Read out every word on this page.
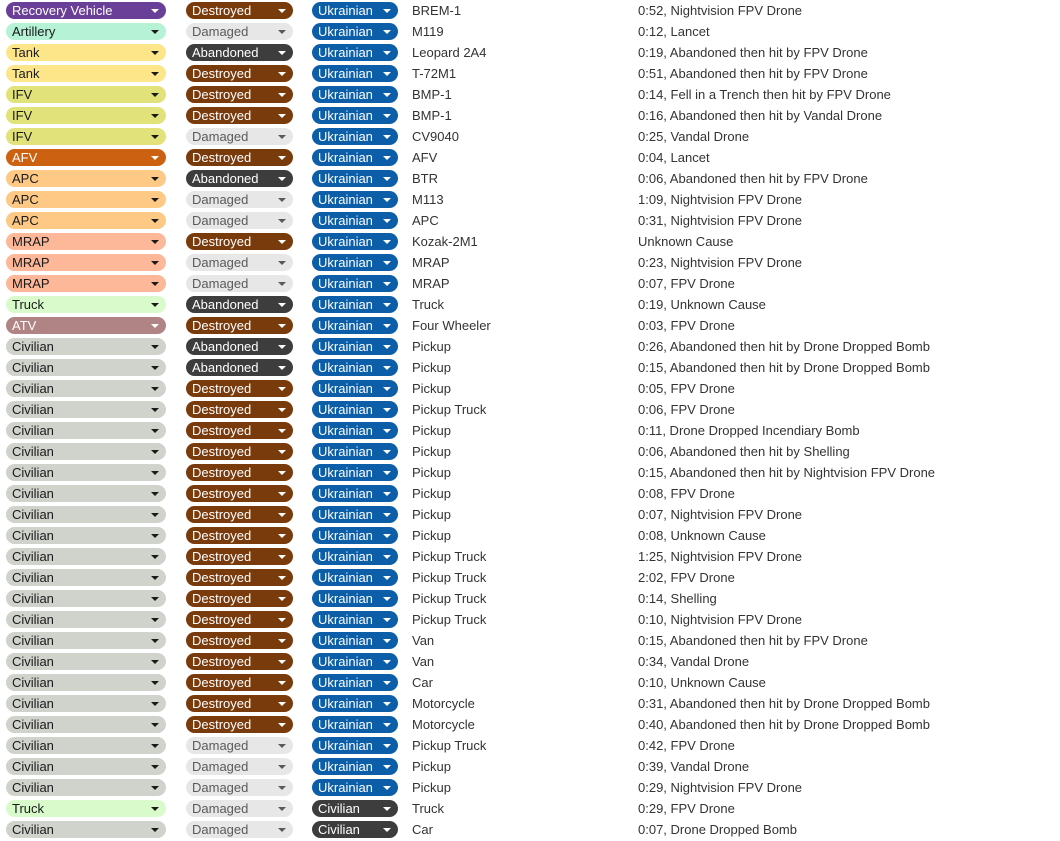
Recovery Vehicle	Destroyed	Ukrainian	BREM-1	0:52, Nightvision FPV Drone
Artillery	Damaged	Ukrainian	M119	0:12, Lancet
Tank	Abandoned	Ukrainian	Leopard 2A4	0:19, Abandoned then hit by FPV Drone
Tank	Destroyed	Ukrainian	T-72M1	0:51, Abandoned then hit by FPV Drone
IFV	Destroyed	Ukrainian	BMP-1	0:14, Fell in a Trench then hit by FPV Drone
IFV	Destroyed	Ukrainian	BMP-1	0:16, Abandoned then hit by Vandal Drone
IFV	Damaged	Ukrainian	CV9040	0:25, Vandal Drone
AFV	Destroyed	Ukrainian	AFV	0:04, Lancet
APC	Abandoned	Ukrainian	BTR	0:06, Abandoned then hit by FPV Drone
APC	Damaged	Ukrainian	M113	1:09, Nightvision FPV Drone
APC	Damaged	Ukrainian	APC	0:31, Nightvision FPV Drone
MRAP	Destroyed	Ukrainian	Kozak-2M1	Unknown Cause
MRAP	Damaged	Ukrainian	MRAP	0:23, Nightvision FPV Drone
MRAP	Damaged	Ukrainian	MRAP	0:07, FPV Drone
Truck	Abandoned	Ukrainian	Truck	0:19, Unknown Cause
ATV	Destroyed	Ukrainian	Four Wheeler	0:03, FPV Drone
Civilian	Abandoned	Ukrainian	Pickup	0:26, Abandoned then hit by Drone Dropped Bomb
Civilian	Abandoned	Ukrainian	Pickup	0:15, Abandoned then hit by Drone Dropped Bomb
Civilian	Destroyed	Ukrainian	Pickup	0:05, FPV Drone
Civilian	Destroyed	Ukrainian	Pickup Truck	0:06, FPV Drone
Civilian	Destroyed	Ukrainian	Pickup	0:11, Drone Dropped Incendiary Bomb
Civilian	Destroyed	Ukrainian	Pickup	0:06, Abandoned then hit by Shelling
Civilian	Destroyed	Ukrainian	Pickup	0:15, Abandoned then hit by Nightvision FPV Drone
Civilian	Destroyed	Ukrainian	Pickup	0:08, FPV Drone
Civilian	Destroyed	Ukrainian	Pickup	0:07, Nightvision FPV Drone
Civilian	Destroyed	Ukrainian	Pickup	0:08, Unknown Cause
Civilian	Destroyed	Ukrainian	Pickup Truck	1:25, Nightvision FPV Drone
Civilian	Destroyed	Ukrainian	Pickup Truck	2:02, FPV Drone
Civilian	Destroyed	Ukrainian	Pickup Truck	0:14, Shelling
Civilian	Destroyed	Ukrainian	Pickup Truck	0:10, Nightvision FPV Drone
Civilian	Destroyed	Ukrainian	Van	0:15, Abandoned then hit by FPV Drone
Civilian	Destroyed	Ukrainian	Van	0:34, Vandal Drone
Civilian	Destroyed	Ukrainian	Car	0:10, Unknown Cause
Civilian	Destroyed	Ukrainian	Motorcycle	0:31, Abandoned then hit by Drone Dropped Bomb
Civilian	Destroyed	Ukrainian	Motorcycle	0:40, Abandoned then hit by Drone Dropped Bomb
Civilian	Damaged	Ukrainian	Pickup Truck	0:42, FPV Drone
Civilian	Damaged	Ukrainian	Pickup	0:39, Vandal Drone
Civilian	Damaged	Ukrainian	Pickup	0:29, Nightvision FPV Drone
Truck	Damaged	Civilian	Truck	0:29, FPV Drone
Civilian	Damaged	Civilian	Car	0:07, Drone Dropped Bomb
